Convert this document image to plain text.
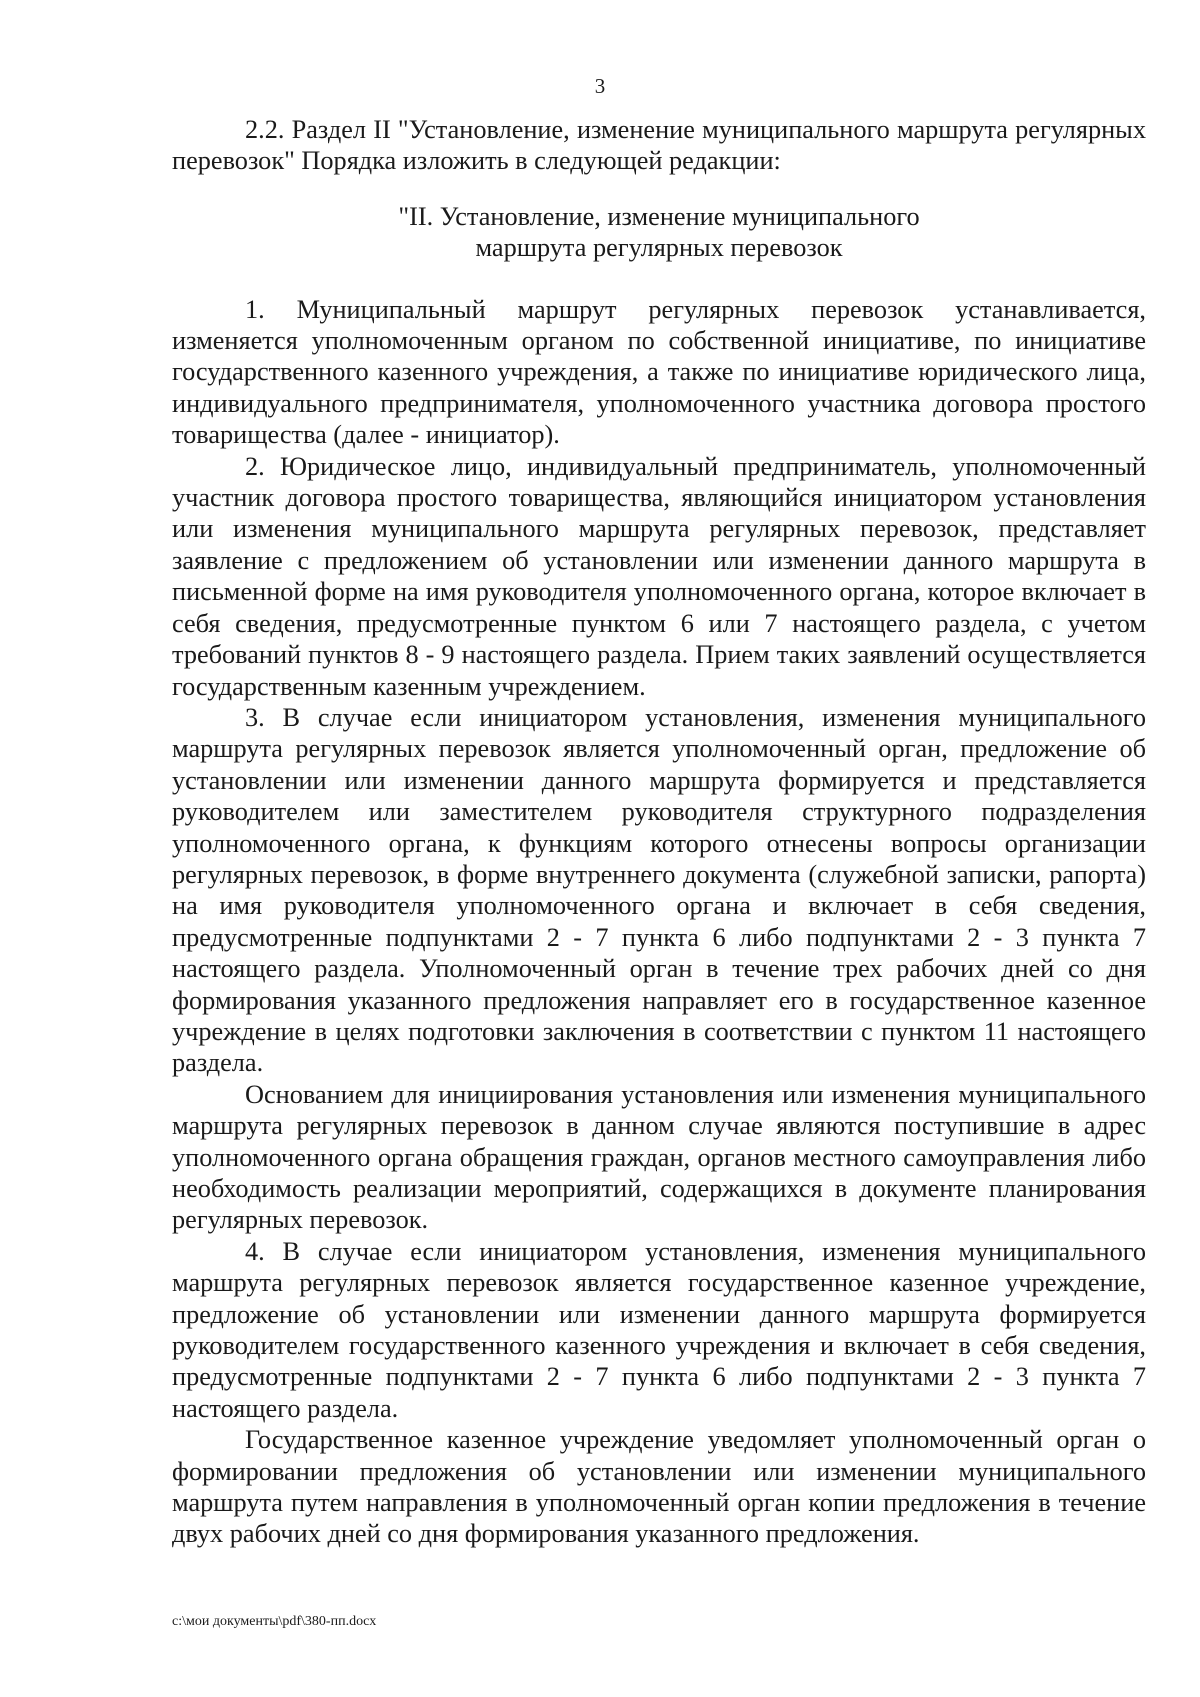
3

2.2. Раздел II "Установление, изменение муниципального маршрута регулярных перевозок" Порядка изложить в следующей редакции:

"II. Установление, изменение муниципального
маршрута регулярных перевозок

1. Муниципальный маршрут регулярных перевозок устанавливается, изменяется уполномоченным органом по собственной инициативе, по инициативе государственного казенного учреждения, а также по инициативе юридического лица, индивидуального предпринимателя, уполномоченного участника договора простого товарищества (далее - инициатор).

2. Юридическое лицо, индивидуальный предприниматель, уполномоченный участник договора простого товарищества, являющийся инициатором установления или изменения муниципального маршрута регулярных перевозок, представляет заявление с предложением об установлении или изменении данного маршрута в письменной форме на имя руководителя уполномоченного органа, которое включает в себя сведения, предусмотренные пунктом 6 или 7 настоящего раздела, с учетом требований пунктов 8 - 9 настоящего раздела. Прием таких заявлений осуществляется государственным казенным учреждением.

3. В случае если инициатором установления, изменения муниципального маршрута регулярных перевозок является уполномоченный орган, предложение об установлении или изменении данного маршрута формируется и представляется руководителем или заместителем руководителя структурного подразделения уполномоченного органа, к функциям которого отнесены вопросы организации регулярных перевозок, в форме внутреннего документа (служебной записки, рапорта) на имя руководителя уполномоченного органа и включает в себя сведения, предусмотренные подпунктами 2 - 7 пункта 6 либо подпунктами 2 - 3 пункта 7 настоящего раздела. Уполномоченный орган в течение трех рабочих дней со дня формирования указанного предложения направляет его в государственное казенное учреждение в целях подготовки заключения в соответствии с пунктом 11 настоящего раздела.

Основанием для инициирования установления или изменения муниципального маршрута регулярных перевозок в данном случае являются поступившие в адрес уполномоченного органа обращения граждан, органов местного самоуправления либо необходимость реализации мероприятий, содержащихся в документе планирования регулярных перевозок.

4. В случае если инициатором установления, изменения муниципального маршрута регулярных перевозок является государственное казенное учреждение, предложение об установлении или изменении данного маршрута формируется руководителем государственного казенного учреждения и включает в себя сведения, предусмотренные подпунктами 2 - 7 пункта 6 либо подпунктами 2 - 3 пункта 7 настоящего раздела.

Государственное казенное учреждение уведомляет уполномоченный орган о формировании предложения об установлении или изменении муниципального маршрута путем направления в уполномоченный орган копии предложения в течение двух рабочих дней со дня формирования указанного предложения.

c:\мои документы\pdf\380-пп.docx
